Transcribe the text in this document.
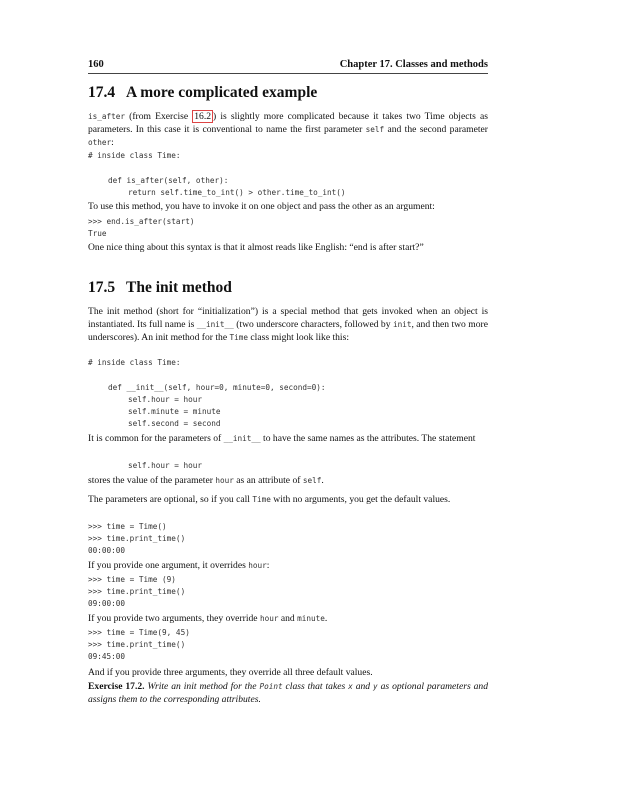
160	Chapter 17. Classes and methods
17.4 A more complicated example
is_after (from Exercise 16.2 ) is slightly more complicated because it takes two Time objects as parameters. In this case it is conventional to name the first parameter self and the second parameter other:
# inside class Time:
def is_after(self, other):
return self.time_to_int() > other.time_to_int()
To use this method, you have to invoke it on one object and pass the other as an argument:
>>> end.is_after(start)
True
One nice thing about this syntax is that it almost reads like English: “end is after start?”
17.5 The init method
The init method (short for “initialization”) is a special method that gets invoked when an object is instantiated. Its full name is __init__ (two underscore characters, followed by init, and then two more underscores). An init method for the Time class might look like this:
# inside class Time:
def __init__(self, hour=0, minute=0, second=0):
self.hour = hour
self.minute = minute
self.second = second
It is common for the parameters of __init__ to have the same names as the attributes. The statement
self.hour = hour
stores the value of the parameter hour as an attribute of self.
The parameters are optional, so if you call Time with no arguments, you get the default values.
>>> time = Time()
>>> time.print_time()
00:00:00
If you provide one argument, it overrides hour:
>>> time = Time (9)
>>> time.print_time()
09:00:00
If you provide two arguments, they override hour and minute.
>>> time = Time(9, 45)
>>> time.print_time()
09:45:00
And if you provide three arguments, they override all three default values.
Exercise 17.2. Write an init method for the Point class that takes x and y as optional parameters and assigns them to the corresponding attributes.
